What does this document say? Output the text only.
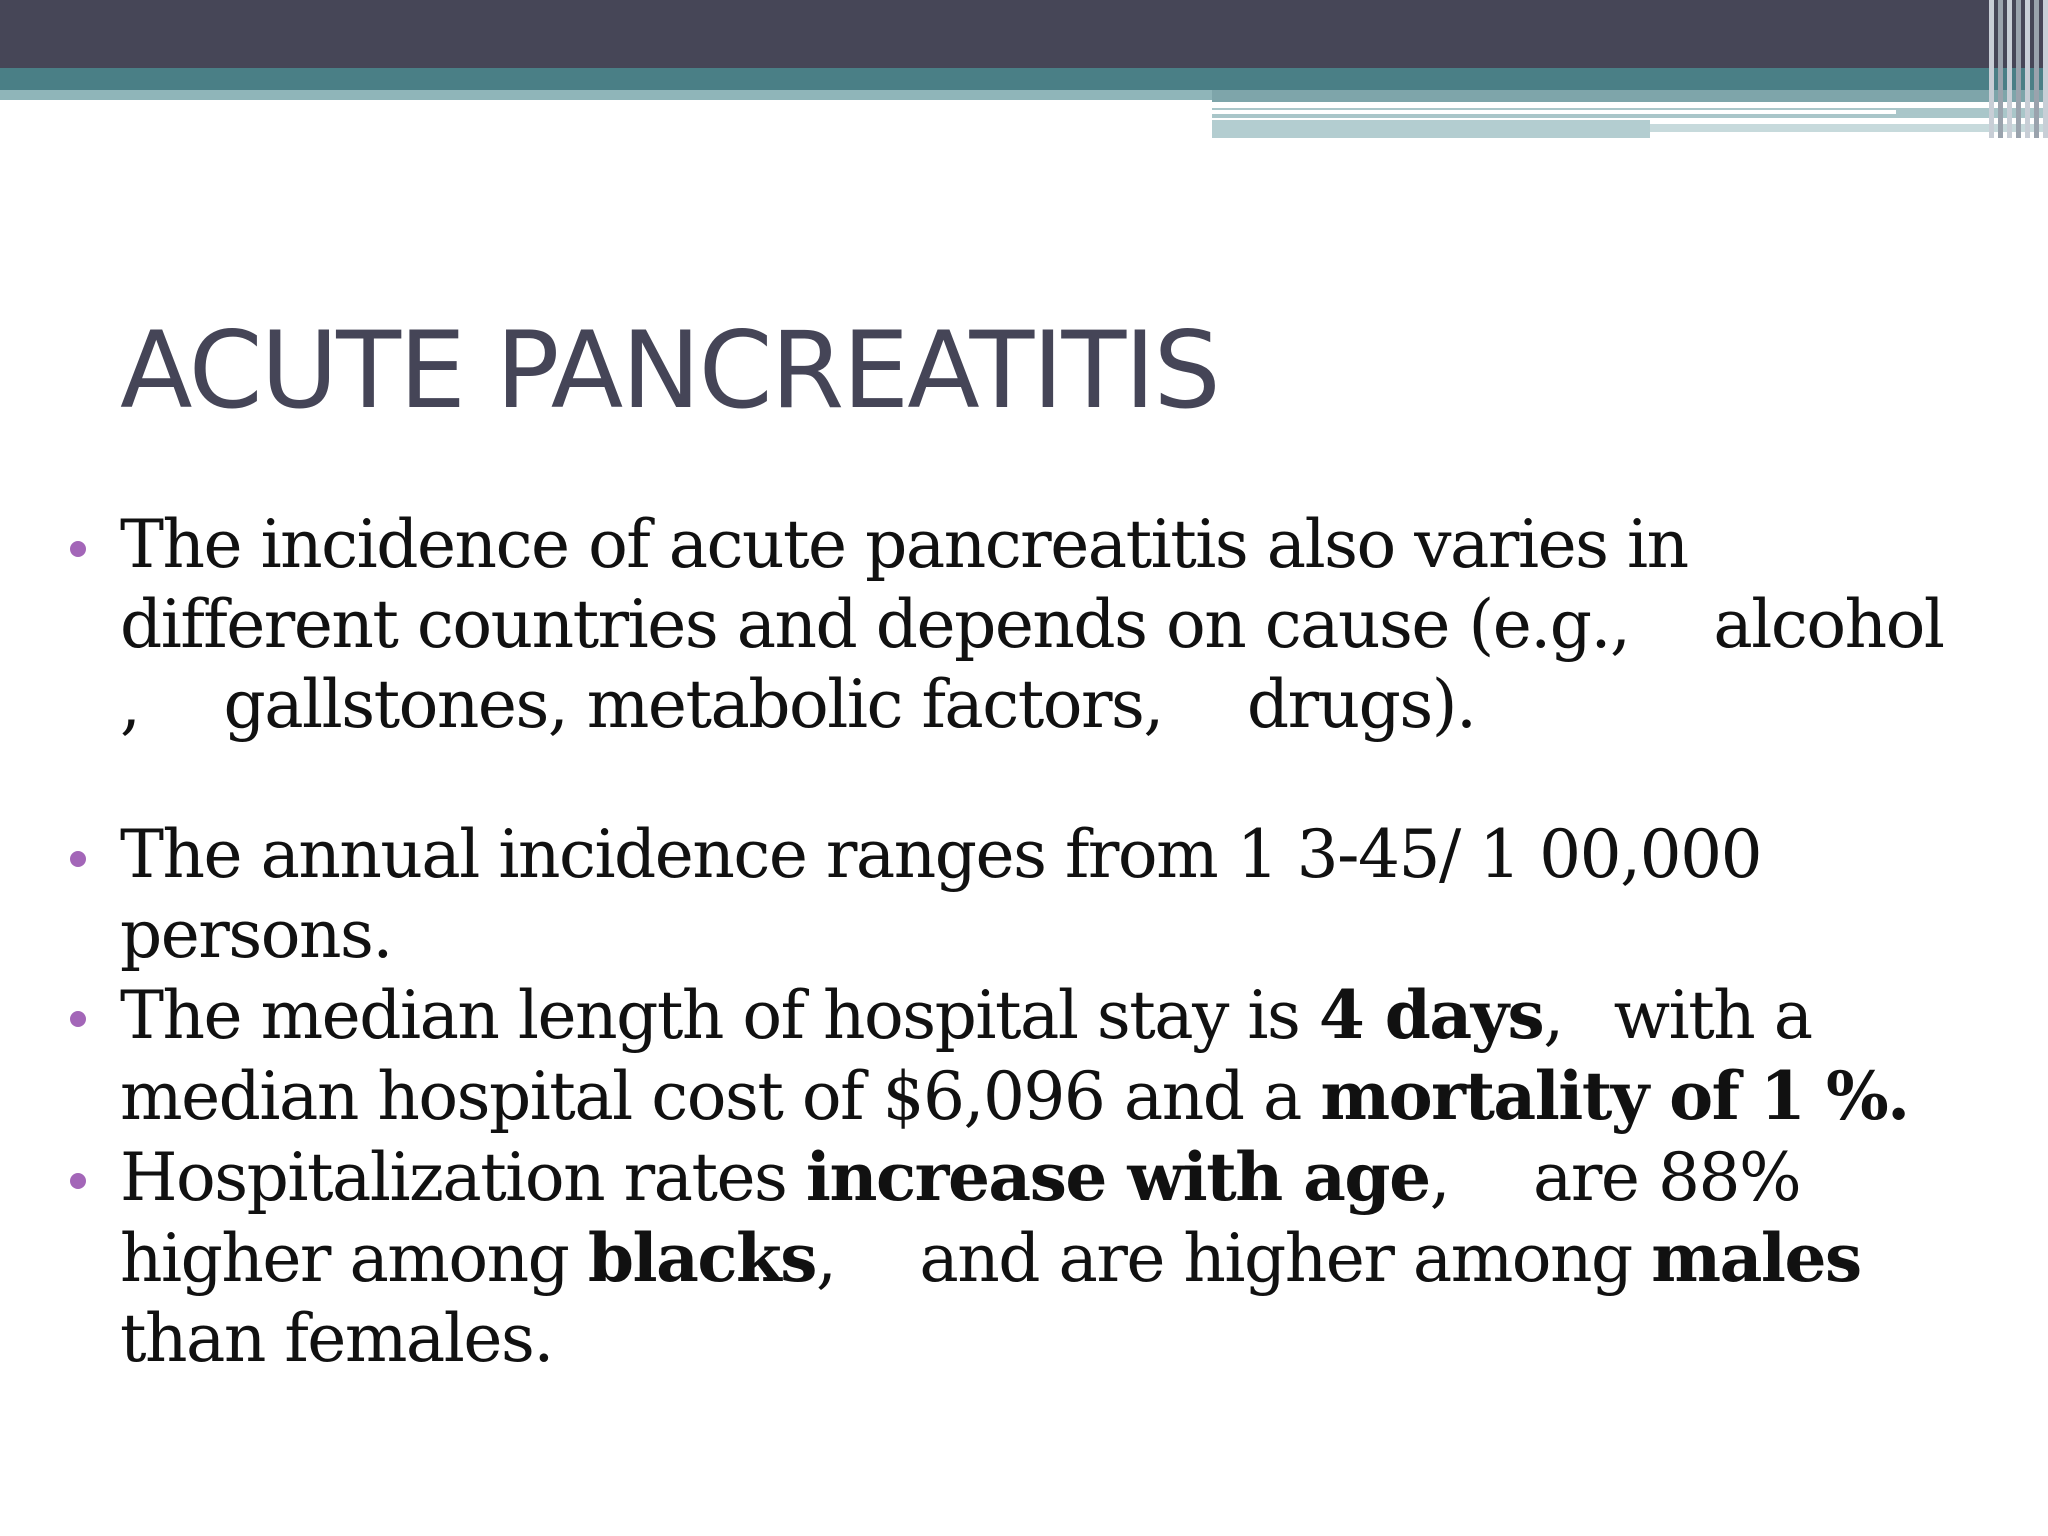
ACUTE PANCREATITIS
The incidence of acute pancreatitis also varies in
different countries and depends on cause (e.g.,  alcohol
,  gallstones, metabolic factors,  drugs).
The annual incidence ranges from 1 3-45/ 1 00,000
persons.
The median length of hospital stay is 4 days,  with a
median hospital cost of $6,096 and a mortality of 1 %.
Hospitalization rates increase with age,  are 88%
higher among blacks,  and are higher among males
than females.
